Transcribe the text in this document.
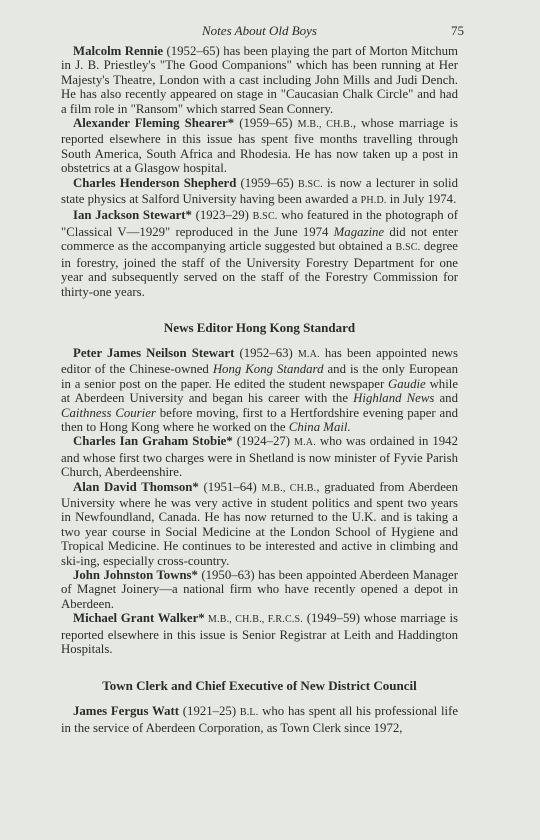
Notes About Old Boys	75

Malcolm Rennie (1952–65) has been playing the part of Morton Mitchum in J. B. Priestley's "The Good Companions" which has been running at Her Majesty's Theatre, London with a cast including John Mills and Judi Dench. He has also recently appeared on stage in "Caucasian Chalk Circle" and had a film role in "Ransom" which starred Sean Connery.

Alexander Fleming Shearer* (1959–65) M.B., CH.B., whose marriage is reported elsewhere in this issue has spent five months travelling through South America, South Africa and Rhodesia. He has now taken up a post in obstetrics at a Glasgow hospital.

Charles Henderson Shepherd (1959–65) B.SC. is now a lecturer in solid state physics at Salford University having been awarded a PH.D. in July 1974.

Ian Jackson Stewart* (1923–29) B.SC. who featured in the photograph of "Classical V—1929" reproduced in the June 1974 Magazine did not enter commerce as the accompanying article suggested but obtained a B.SC. degree in forestry, joined the staff of the University Forestry Department for one year and subsequently served on the staff of the Forestry Commission for thirty-one years.

News Editor Hong Kong Standard

Peter James Neilson Stewart (1952–63) M.A. has been appointed news editor of the Chinese-owned Hong Kong Standard and is the only European in a senior post on the paper. He edited the student newspaper Gaudie while at Aberdeen University and began his career with the Highland News and Caithness Courier before moving, first to a Hertfordshire evening paper and then to Hong Kong where he worked on the China Mail.

Charles Ian Graham Stobie* (1924–27) M.A. who was ordained in 1942 and whose first two charges were in Shetland is now minister of Fyvie Parish Church, Aberdeenshire.

Alan David Thomson* (1951–64) M.B., CH.B., graduated from Aberdeen University where he was very active in student politics and spent two years in Newfoundland, Canada. He has now returned to the U.K. and is taking a two year course in Social Medicine at the London School of Hygiene and Tropical Medicine. He continues to be interested and active in climbing and ski-ing, especially cross-country.

John Johnston Towns* (1950–63) has been appointed Aberdeen Manager of Magnet Joinery—a national firm who have recently opened a depot in Aberdeen.

Michael Grant Walker* M.B., CH.B., F.R.C.S. (1949–59) whose marriage is reported elsewhere in this issue is Senior Registrar at Leith and Haddington Hospitals.

Town Clerk and Chief Executive of New District Council

James Fergus Watt (1921–25) B.L. who has spent all his professional life in the service of Aberdeen Corporation, as Town Clerk since 1972,
